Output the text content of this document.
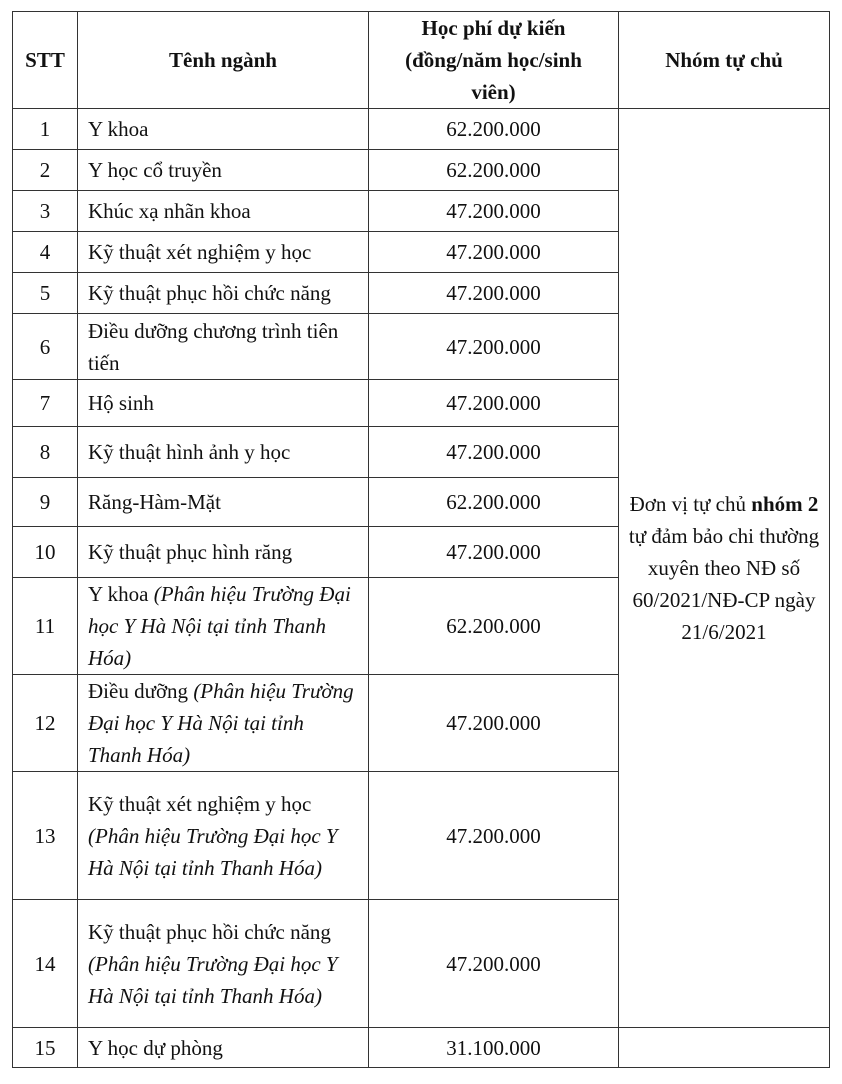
STT	Tênh ngành	Học phí dự kiến (đồng/năm học/sinh viên)	Nhóm tự chủ
1	Y khoa	62.200.000	Đơn vị tự chủ nhóm 2 tự đảm bảo chi thường xuyên theo NĐ số 60/2021/NĐ-CP ngày 21/6/2021
2	Y học cổ truyền	62.200.000	
3	Khúc xạ nhãn khoa	47.200.000	
4	Kỹ thuật xét nghiệm y học	47.200.000	
5	Kỹ thuật phục hồi chức năng	47.200.000	
6	Điều dưỡng chương trình tiên tiến	47.200.000	
7	Hộ sinh	47.200.000	
8	Kỹ thuật hình ảnh y học	47.200.000	
9	Răng-Hàm-Mặt	62.200.000	
10	Kỹ thuật phục hình răng	47.200.000	
11	Y khoa (Phân hiệu Trường Đại học Y Hà Nội tại tỉnh Thanh Hóa)	62.200.000	
12	Điều dưỡng (Phân hiệu Trường Đại học Y Hà Nội tại tỉnh Thanh Hóa)	47.200.000	
13	Kỹ thuật xét nghiệm y học (Phân hiệu Trường Đại học Y Hà Nội tại tỉnh Thanh Hóa)	47.200.000	
14	Kỹ thuật phục hồi chức năng (Phân hiệu Trường Đại học Y Hà Nội tại tỉnh Thanh Hóa)	47.200.000	
15	Y học dự phòng	31.100.000	
